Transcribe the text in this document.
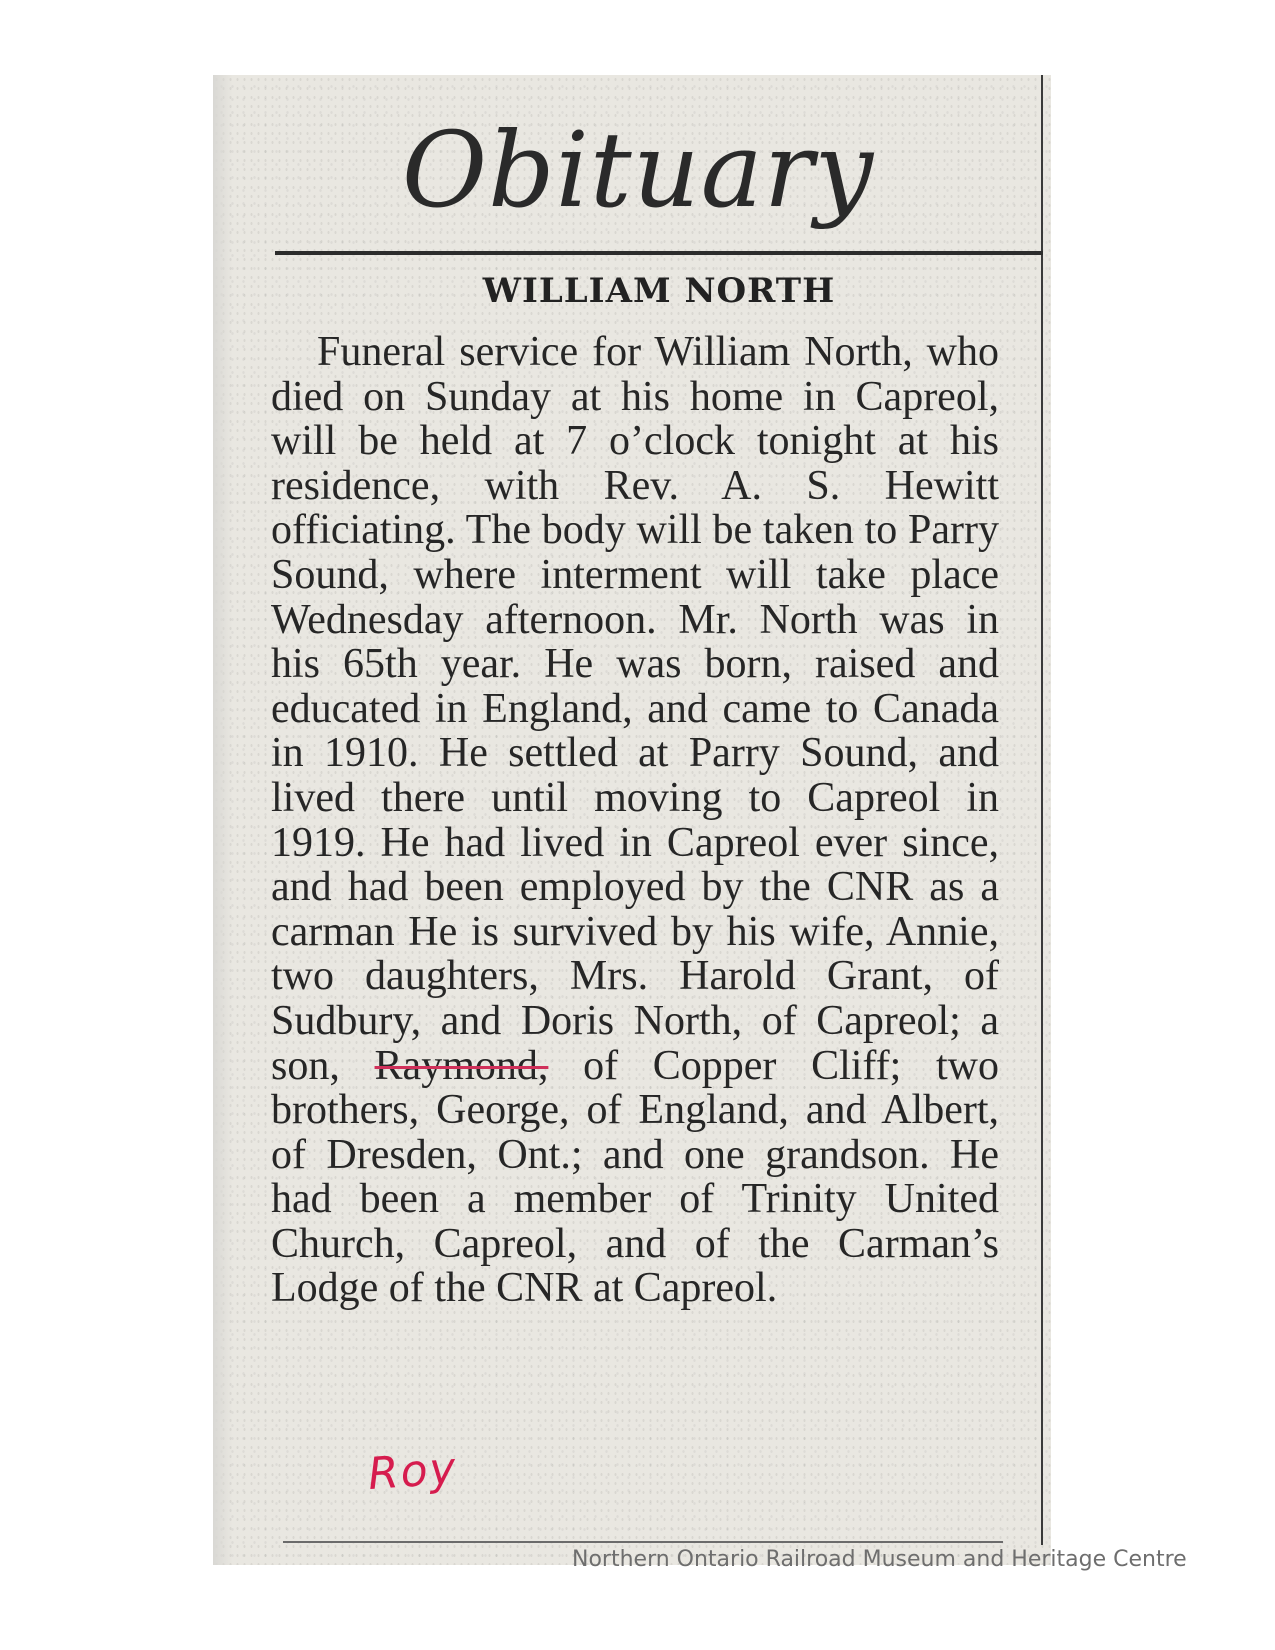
Obituary
WILLIAM NORTH

Funeral service for William North, who died on Sunday at his home in Capreol, will be held at 7 o’clock tonight at his residence, with Rev. A. S. Hewitt officiating. The body will be taken to Parry Sound, where interment will take place Wednesday afternoon. Mr. North was in his 65th year. He was born, raised and educated in England, and came to Canada in 1910. He settled at Parry Sound, and lived there until moving to Capreol in 1919. He had lived in Capreol ever since, and had been employed by the CNR as a carman He is survived by his wife, Annie, two daughters, Mrs. Harold Grant, of Sudbury, and Doris North, of Capreol; a son, Raymond, of Copper Cliff; two brothers, George, of England, and Albert, of Dresden, Ont.; and one grandson. He had been a member of Trinity United Church, Capreol, and of the Carman’s Lodge of the CNR at Capreol.

Roy
Northern Ontario Railroad Museum and Heritage Centre
